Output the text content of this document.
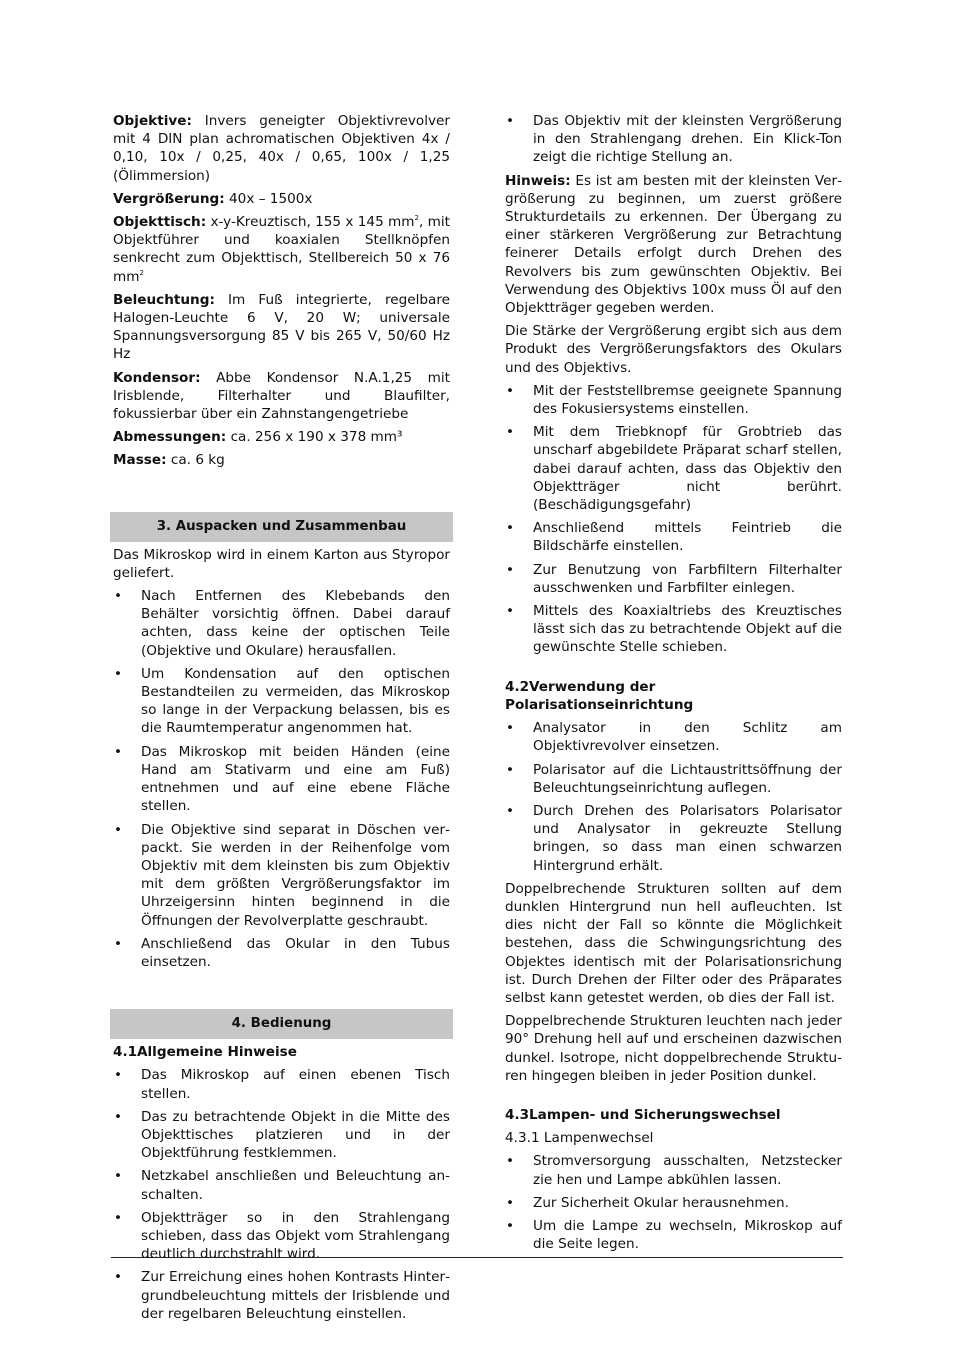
Objektive: Invers geneigter Objektivrevolver mit 4 DIN plan achromatischen Objektiven 4x / 0,10, 10x / 0,25, 40x / 0,65, 100x / 1,25 (Ölimmersion)

Vergrößerung: 40x – 1500x

Objekttisch: x-y-Kreuztisch, 155 x 145 $mm^2$, mit Objektführer und koaxialen Stellknöpfen senkrecht zum Objekttisch, Stellbereich 50 x 76 $mm^2$

Beleuchtung: Im Fuß integrierte, regelbare Halogen-Leuchte 6 V, 20 W; universale Spannungsversorgung 85 V bis 265 V, 50/60 Hz Hz

Kondensor: Abbe Kondensor N.A.1,25 mit Irisblende, Filterhalter und Blaufilter, fokussierbar über ein Zahnstangengetriebe

Abmessungen: ca. 256 x 190 x 378 mm³

Masse: ca. 6 kg

3. Auspacken und Zusammenbau

Das Mikroskop wird in einem Karton aus Styropor geliefert.

• Nach Entfernen des Klebebands den Behälter vorsichtig öffnen. Dabei darauf achten, dass keine der optischen Teile (Objektive und Okulare) herausfallen.
• Um Kondensation auf den optischen Bestandteilen zu vermeiden, das Mikroskop so lange in der Verpackung belassen, bis es die Raumtemperatur angenommen hat.
• Das Mikroskop mit beiden Händen (eine Hand am Stativarm und eine am Fuß) entnehmen und auf eine ebene Fläche stellen.
• Die Objektive sind separat in Döschen verpackt. Sie werden in der Reihenfolge vom Objektiv mit dem kleinsten bis zum Objektiv mit dem größten Vergrößerungsfaktor im Uhrzeigersinn hinten beginnend in die Öffnungen der Revolverplatte geschraubt.
• Anschließend das Okular in den Tubus einsetzen.
4. Bedienung
4.1Allgemeine Hinweise
• Das Mikroskop auf einen ebenen Tisch stellen.
• Das zu betrachtende Objekt in die Mitte des Objekttisches platzieren und in der Objektführung festklemmen.
• Netzkabel anschließen und Beleuchtung anschalten.
• Objektträger so in den Strahlengang schieben, dass das Objekt vom Strahlengang deutlich durchstrahlt wird.
• Zur Erreichung eines hohen Kontrasts Hintergrundbeleuchtung mittels der Irisblende und der regelbaren Beleuchtung einstellen.
• Das Objektiv mit der kleinsten Vergrößerung in den Strahlengang drehen. Ein Klick-Ton zeigt die richtige Stellung an.

Hinweis: Es ist am besten mit der kleinsten Vergrößerung zu beginnen, um zuerst größere Strukturdetails zu erkennen. Der Übergang zu einer stärkeren Vergrößerung zur Betrachtung feinerer Details erfolgt durch Drehen des Revolvers bis zum gewünschten Objektiv. Bei Verwendung des Objektivs 100x muss Öl auf den Objektträger gegeben werden.

Die Stärke der Vergrößerung ergibt sich aus dem Produkt des Vergrößerungsfaktors des Okulars und des Objektivs.

• Mit der Feststellbremse geeignete Spannung des Fokusiersystems einstellen.
• Mit dem Triebknopf für Grobtrieb das unscharf abgebildete Präparat scharf stellen, dabei darauf achten, dass das Objektiv den Objektträger nicht berührt. (Beschädigungsgefahr)
• Anschließend mittels Feintrieb die Bildschärfe einstellen.
• Zur Benutzung von Farbfiltern Filterhalter ausschwenken und Farbfilter einlegen.
• Mittels des Koaxialtriebs des Kreuztisches lässt sich das zu betrachtende Objekt auf die gewünschte Stelle schieben.
4.2Verwendung der Polarisationseinrichtung
• Analysator in den Schlitz am Objektivrevolver einsetzen.
• Polarisator auf die Lichtaustrittsöffnung der Beleuchtungseinrichtung auflegen.
• Durch Drehen des Polarisators Polarisator und Analysator in gekreuzte Stellung bringen, so dass man einen schwarzen Hintergrund erhält.

Doppelbrechende Strukturen sollten auf dem dunklen Hintergrund nun hell aufleuchten. Ist dies nicht der Fall so könnte die Möglichkeit bestehen, dass die Schwingungsrichtung des Objektes identisch mit der Polarisationsrichung ist. Durch Drehen der Filter oder des Präparates selbst kann getestet werden, ob dies der Fall ist.

Doppelbrechende Strukturen leuchten nach jeder 90° Drehung hell auf und erscheinen dazwischen dunkel. Isotrope, nicht doppelbrechende Strukturen hingegen bleiben in jeder Position dunkel.

4.3Lampen- und Sicherungswechsel
4.3.1 Lampenwechsel
• Stromversorgung ausschalten, Netzstecker zie hen und Lampe abkühlen lassen.
• Zur Sicherheit Okular herausnehmen.
• Um die Lampe zu wechseln, Mikroskop auf die Seite legen.
